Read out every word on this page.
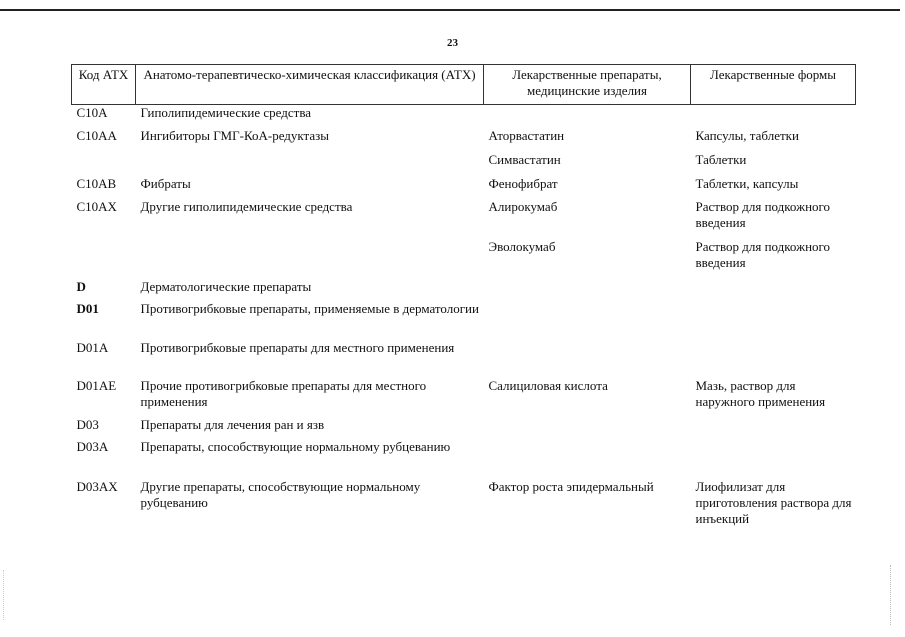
23
Код АТХ	Анатомо-терапевтическо-химическая классификация (АТХ)	Лекарственные препараты, медицинские изделия	Лекарственные формы
C10A	Гиполипидемические средства		
C10AA	Ингибиторы ГМГ-КоА-редуктазы	Аторвастатин	Капсулы, таблетки
		Симвастатин	Таблетки
C10AB	Фибраты	Фенофибрат	Таблетки, капсулы
C10AX	Другие гиполипидемические средства	Алирокумаб	Раствор для подкожного введения
		Эволокумаб	Раствор для подкожного введения
D	Дерматологические препараты		
D01	Противогрибковые препараты, применяемые в дерматологии		
D01A	Противогрибковые препараты для местного применения		
D01AE	Прочие противогрибковые препараты для местного применения	Салициловая кислота	Мазь, раствор для наружного применения
D03	Препараты для лечения ран и язв		
D03A	Препараты, способствующие нормальному рубцеванию		
D03AX	Другие препараты, способствующие нормальному рубцеванию	Фактор роста эпидермальный	Лиофилизат для приготовления раствора для инъекций
